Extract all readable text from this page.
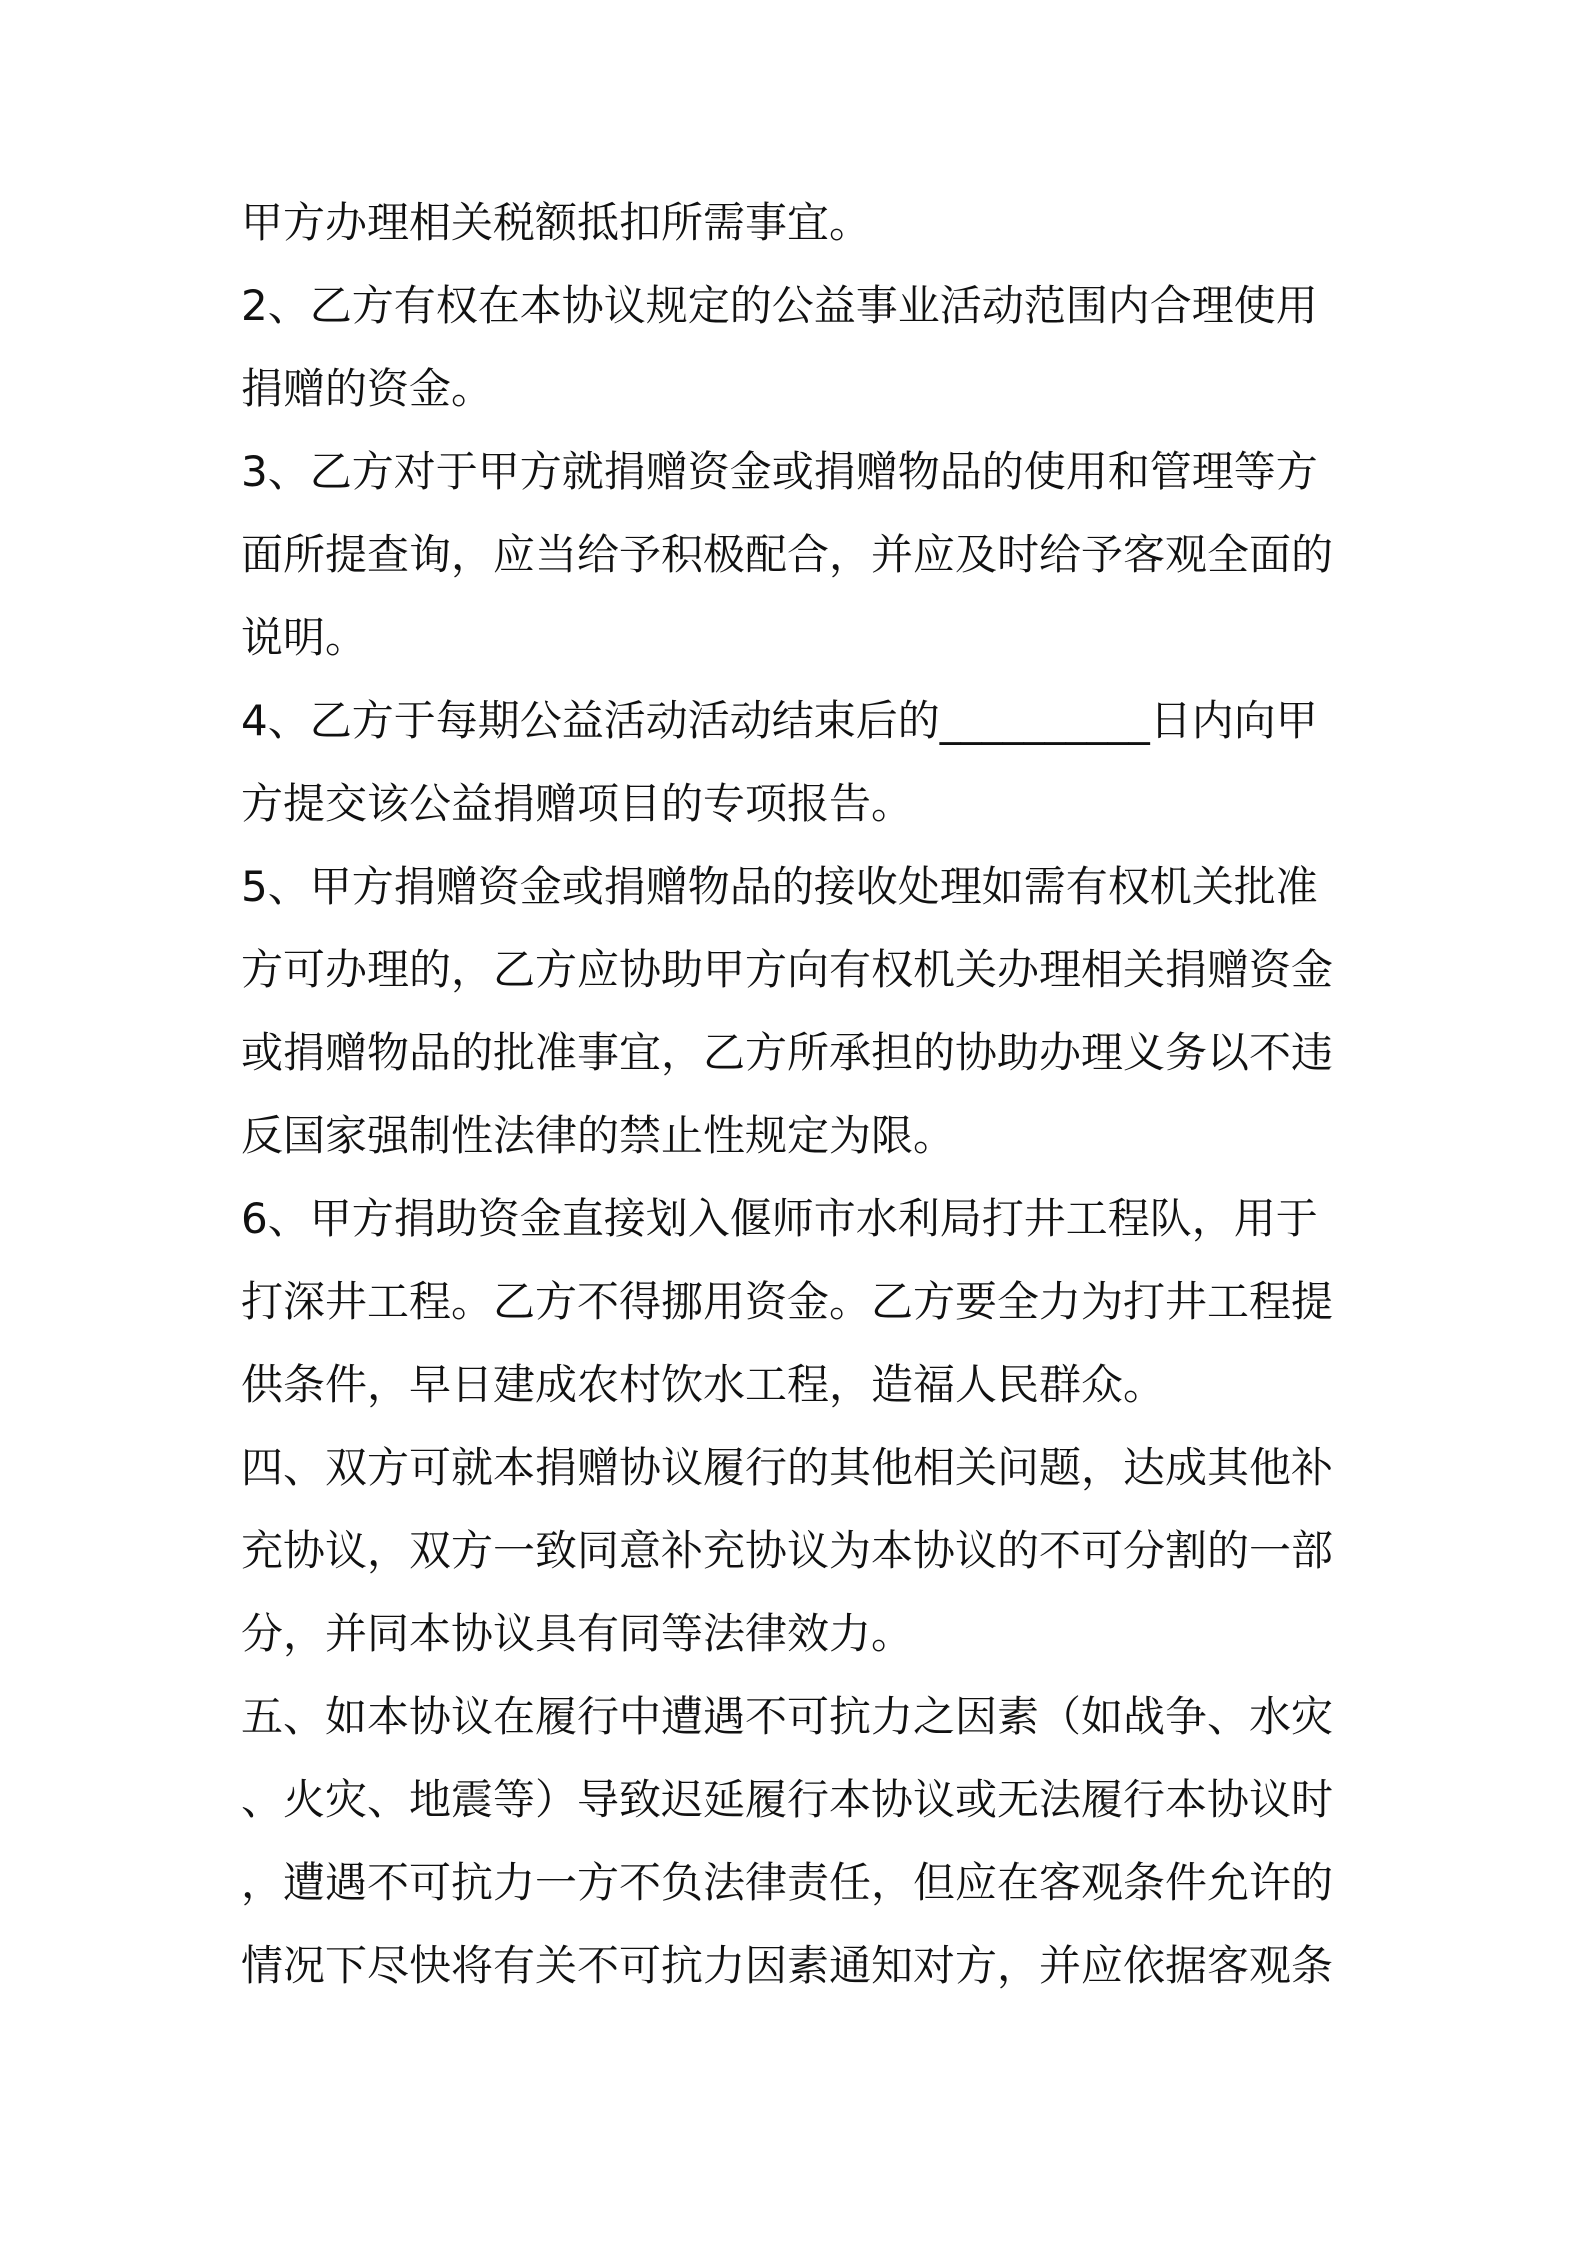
甲方办理相关税额抵扣所需事宜。
2、乙方有权在本协议规定的公益事业活动范围内合理使用
捐赠的资金。
3、乙方对于甲方就捐赠资金或捐赠物品的使用和管理等方
面所提查询，应当给予积极配合，并应及时给予客观全面的
说明。
4、乙方于每期公益活动活动结束后的__________日内向甲
方提交该公益捐赠项目的专项报告。
5、甲方捐赠资金或捐赠物品的接收处理如需有权机关批准
方可办理的，乙方应协助甲方向有权机关办理相关捐赠资金
或捐赠物品的批准事宜，乙方所承担的协助办理义务以不违
反国家强制性法律的禁止性规定为限。
6、甲方捐助资金直接划入偃师市水利局打井工程队，用于
打深井工程。乙方不得挪用资金。乙方要全力为打井工程提
供条件，早日建成农村饮水工程，造福人民群众。
四、双方可就本捐赠协议履行的其他相关问题，达成其他补
充协议，双方一致同意补充协议为本协议的不可分割的一部
分，并同本协议具有同等法律效力。
五、如本协议在履行中遭遇不可抗力之因素（如战争、水灾
、火灾、地震等）导致迟延履行本协议或无法履行本协议时
，遭遇不可抗力一方不负法律责任，但应在客观条件允许的
情况下尽快将有关不可抗力因素通知对方，并应依据客观条
